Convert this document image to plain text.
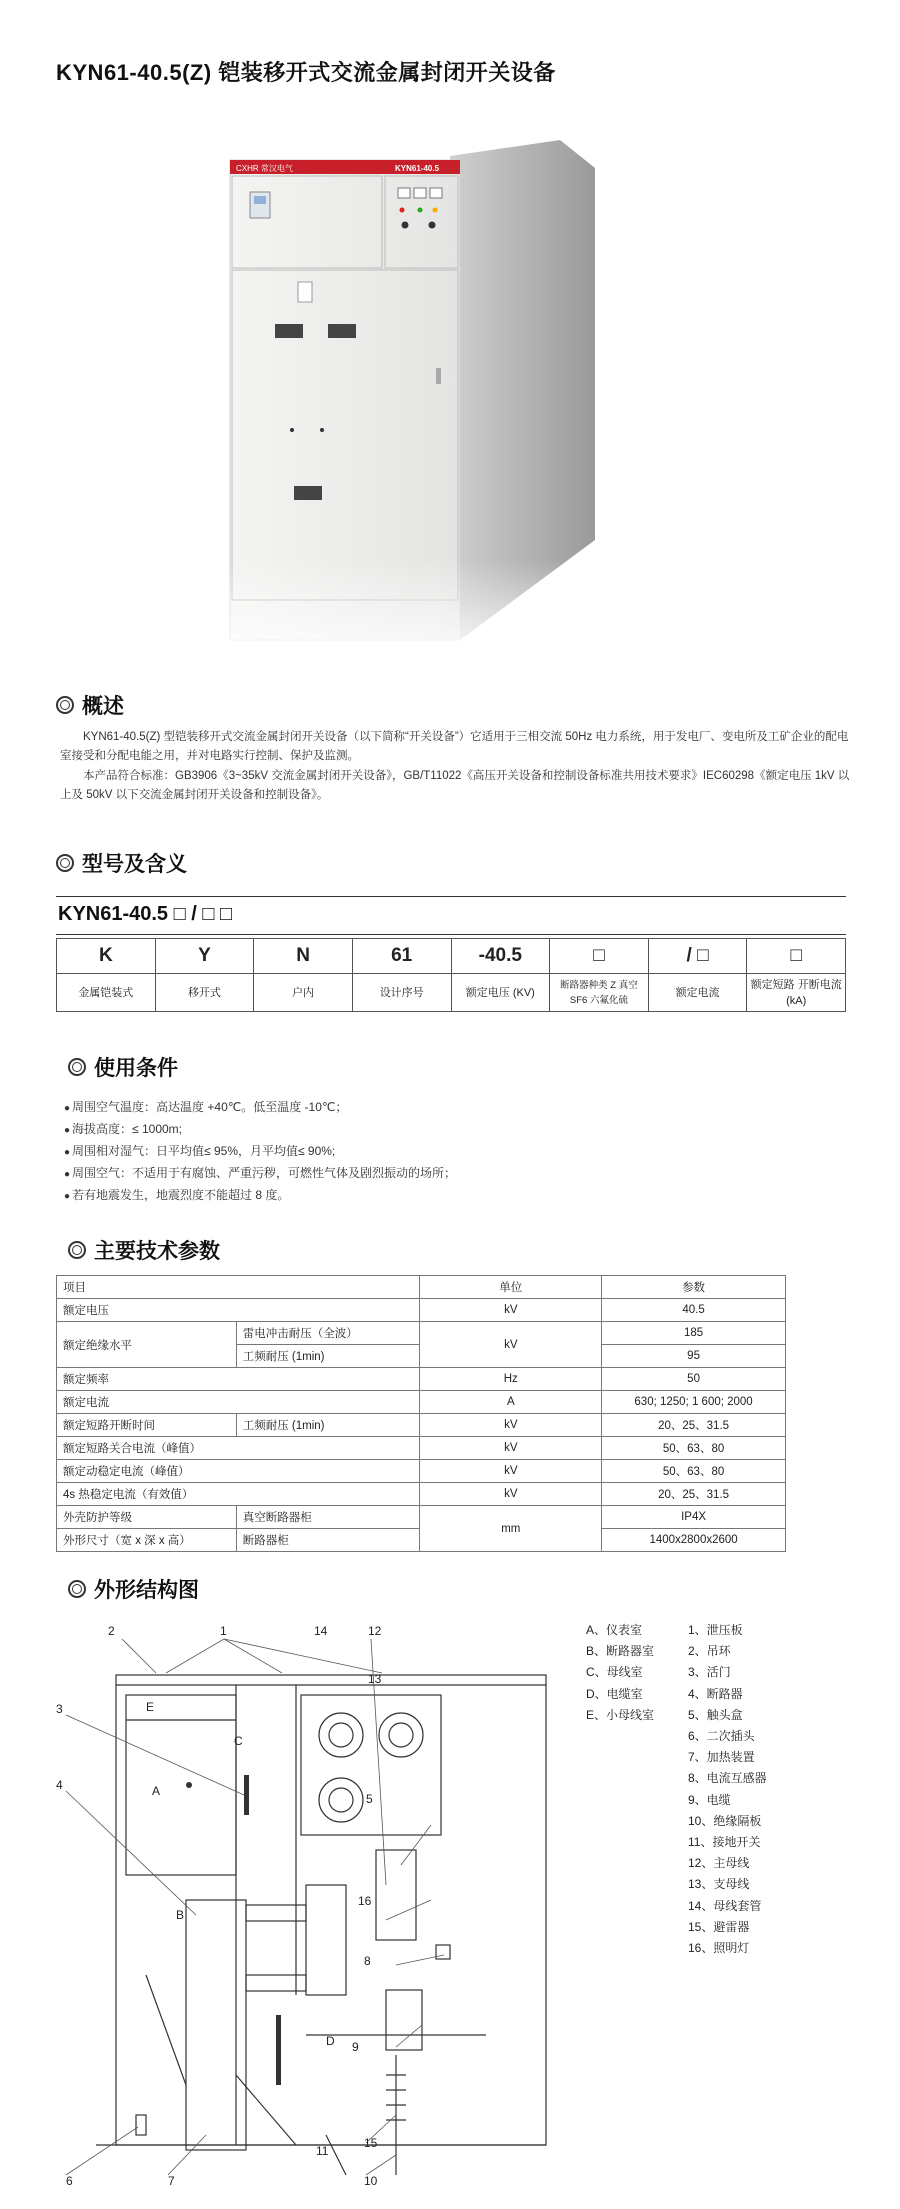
KYN61-40.5(Z) 铠装移开式交流金属封闭开关设备
CXHR 常汉电气	KYN61-40.5
概述
KYN61-40.5(Z) 型铠装移开式交流金属封闭开关设备（以下简称“开关设备”）它适用于三相交流 50Hz 电力系统，用于发电厂、变电所及工矿企业的配电室接受和分配电能之用，并对电路实行控制、保护及监测。
本产品符合标准：GB3906《3~35kV 交流金属封闭开关设备》，GB/T11022《高压开关设备和控制设备标准共用技术要求》IEC60298《额定电压 1kV 以上及 50kV 以下交流金属封闭开关设备和控制设备》。
型号及含义
KYN61-40.5 □ / □ □
K	Y	N	61	-40.5	□	/ □	□
金属铠装式	移开式	户内	设计序号	额定电压 (KV)	断路器种类 Z 真空 SF6 六氟化硫	额定电流	额定短路 开断电流 (kA)
使用条件
● 周围空气温度：高达温度 +40℃。低至温度 -10℃；
● 海拔高度：≤ 1000m;
● 周围相对湿气：日平均值≤ 95%，月平均值≤ 90%;
● 周围空气：不适用于有腐蚀、严重污秽，可燃性气体及剧烈振动的场所；
● 若有地震发生，地震烈度不能超过 8 度。
主要技术参数
项目		单位	参数
额定电压		kV	40.5
额定绝缘水平	雷电冲击耐压（全波）	kV	185
	工频耐压 (1min)		95
额定频率		Hz	50
额定电流		A	630; 1250; 1 600; 2000
额定短路开断时间	工频耐压 (1min)	kV	20、25、31.5
额定短路关合电流（峰值）		kV	50、63、80
额定动稳定电流（峰值）		kV	50、63、80
4s 热稳定电流（有效值）		kV	20、25、31.5
外壳防护等级	真空断路器柜	mm	IP4X
外形尺寸（宽 x 深 x 高）	断路器柜		1400x2800x2600
外形结构图
2	1
3
4
14	12
13
5
16
8
9
15
10
11
6	7
E
A
B
C
D
A、仪表室
B、断路器室
C、母线室
D、电缆室
E、小母线室
1、泄压板
2、吊环
3、活门
4、断路器
5、触头盒
6、二次插头
7、加热装置
8、电流互感器
9、电缆
10、绝缘隔板
11、接地开关
12、主母线
13、支母线
14、母线套管
15、避雷器
16、照明灯
